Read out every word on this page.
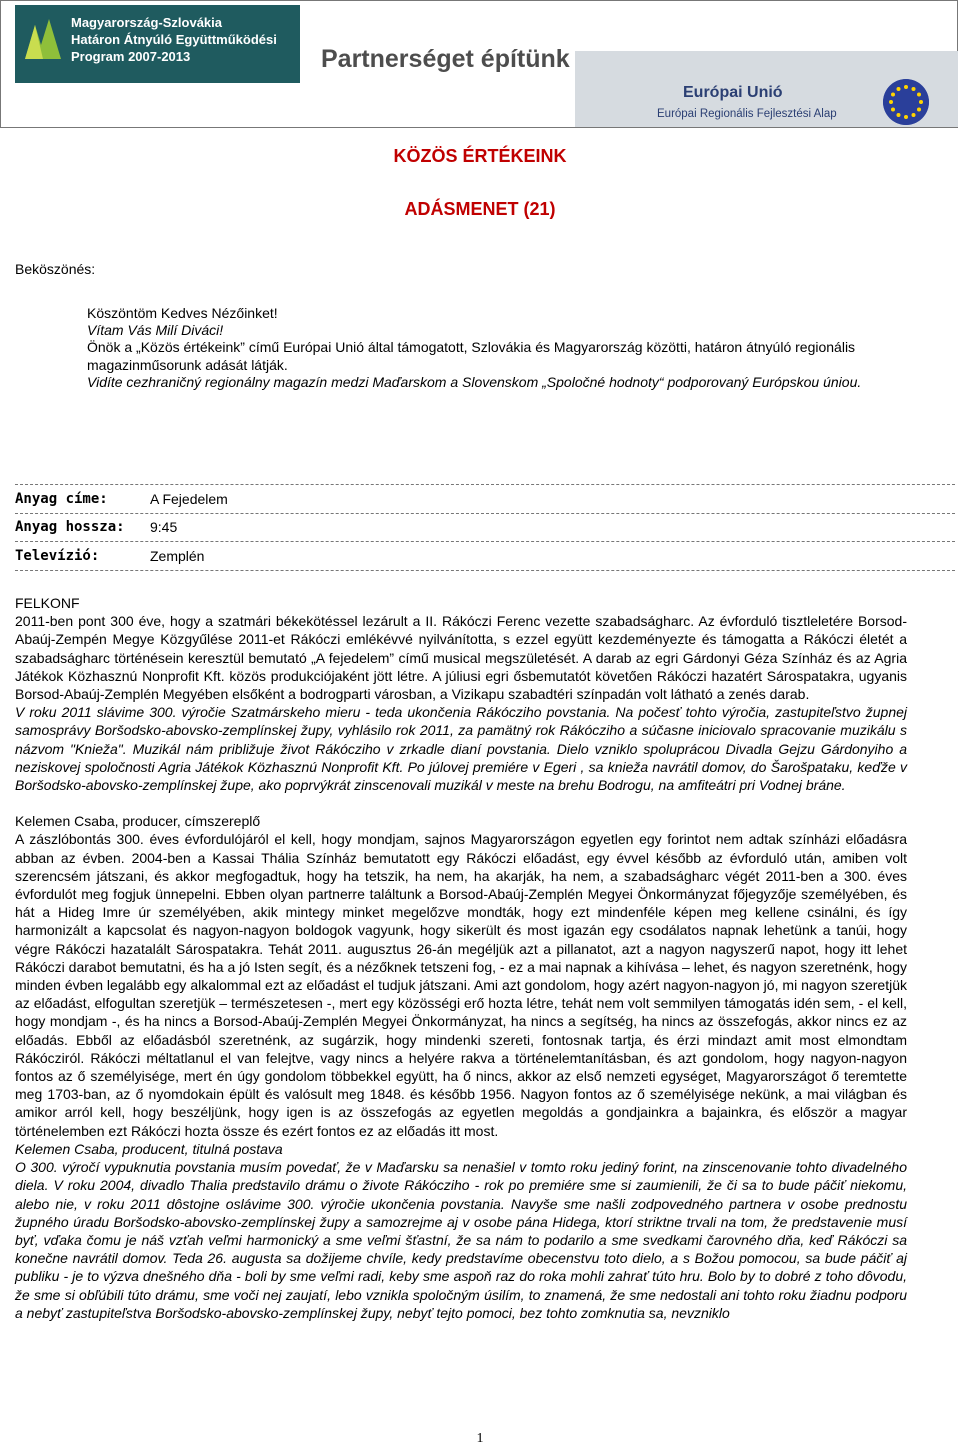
Magyarország-Szlovákia
Határon Átnyúló Együttműködési
Program 2007-2013	Partnerséget építünk
Európai Unió
Európai Regionális Fejlesztési Alap
KÖZÖS ÉRTÉKEINK
ADÁSMENET (21)
Beköszönés:

Köszöntöm Kedves Nézőinket!

Vítam Vás Milí Diváci!

Önök a „Közös értékeink” című Európai Unió által támogatott, Szlovákia és Magyarország közötti, határon átnyúló regionális magazinműsorunk adását látják.

Vidíte cezhraničný regionálny magazín medzi Maďarskom a Slovenskom „Spoločné hodnoty“ podporovaný Európskou úniou.

Anyag címe:	A Fejedelem
Anyag hossza: 9:45
Televízió:	Zemplén

FELKONF

2011-ben pont 300 éve, hogy a szatmári békekötéssel lezárult a II. Rákóczi Ferenc vezette szabadságharc. Az évforduló tisztleletére Borsod-Abaúj-Zempén Megye Közgyűlése 2011-et Rákóczi emlékévvé nyilvánította, s ezzel együtt kezdeményezte és támogatta a Rákóczi életét a szabadságharc történésein keresztül bemutató „A fejedelem” című musical megszületését. A darab az egri Gárdonyi Géza Színház és az Agria Játékok Közhasznú Nonprofit Kft. közös produkciójaként jött létre. A júliusi egri ősbemutatót követően Rákóczi hazatért Sárospatakra, ugyanis Borsod-Abaúj-Zemplén Megyében elsőként a bodrogparti városban, a Vizikapu szabadtéri színpadán volt látható a zenés darab.

V roku 2011 slávime 300. výročie Szatmárskeho mieru - teda ukončenia Rákócziho povstania. Na počesť tohto výročia, zastupiteľstvo župnej samosprávy Boršodsko-abovsko-zemplínskej župy, vyhlásilo rok 2011, za pamätný rok Rákócziho a súčasne iniciovalo spracovanie muzikálu s názvom "Knieža". Muzikál nám približuje život Rákócziho v zrkadle dianí povstania. Dielo vzniklo spoluprácou Divadla Gejzu Gárdonyiho a neziskovej spoločnosti Agria Játékok Közhasznú Nonprofit Kft. Po júlovej premiére v Egeri , sa knieža navrátil domov, do Šarošpataku, keďže v Boršodsko-abovsko-zemplínskej župe, ako poprvýkrát zinscenovali muzikál v meste na brehu Bodrogu, na amfiteátri pri Vodnej bráne.

Kelemen Csaba, producer, címszereplő

A zászlóbontás 300. éves évfordulójáról el kell, hogy mondjam, sajnos Magyarországon egyetlen egy forintot nem adtak színházi előadásra abban az évben. 2004-ben a Kassai Thália Színház bemutatott egy Rákóczi előadást, egy évvel később az évforduló után, amiben volt szerencsém játszani, és akkor megfogadtuk, hogy ha tetszik, ha nem, ha akarják, ha nem, a szabadságharc végét 2011-ben a 300. éves évfordulót meg fogjuk ünnepelni. Ebben olyan partnerre találtunk a Borsod-Abaúj-Zemplén Megyei Önkormányzat főjegyzője személyében, és hát a Hideg Imre úr személyében, akik mintegy minket megelőzve mondták, hogy ezt mindenféle képen meg kellene csinálni, és így harmonizált a kapcsolat és nagyon-nagyon boldogok vagyunk, hogy sikerült és most igazán egy csodálatos napnak lehetünk a tanúi, hogy végre Rákóczi hazatalált Sárospatakra. Tehát 2011. augusztus 26-án megéljük azt a pillanatot, azt a nagyon nagyszerű napot, hogy itt lehet Rákóczi darabot bemutatni, és ha a jó Isten segít, és a nézőknek tetszeni fog, - ez a mai napnak a kihívása – lehet, és nagyon szeretnénk, hogy minden évben legalább egy alkalommal ezt az előadást el tudjuk játszani. Ami azt gondolom, hogy azért nagyon-nagyon jó, mi nagyon szeretjük az előadást, elfogultan szeretjük – természetesen -, mert egy közösségi erő hozta létre, tehát nem volt semmilyen támogatás idén sem, - el kell, hogy mondjam -, és ha nincs a Borsod-Abaúj-Zemplén Megyei Önkormányzat, ha nincs a segítség, ha nincs az összefogás, akkor nincs ez az előadás. Ebből az előadásból szeretnénk, az sugárzik, hogy mindenki szereti, fontosnak tartja, és érzi mindazt amit most elmondtam Rákócziról. Rákóczi méltatlanul el van felejtve, vagy nincs a helyére rakva a történelemtanításban, és azt gondolom, hogy nagyon-nagyon fontos az ő személyisége, mert én úgy gondolom többekkel együtt, ha ő nincs, akkor az első nemzeti egységet, Magyarországot ő teremtette meg 1703-ban, az ő nyomdokain épült és valósult meg 1848. és később 1956. Nagyon fontos az ő személyisége nekünk, a mai világban és amikor arról kell, hogy beszéljünk, hogy igen is az összefogás az egyetlen megoldás a gondjainkra a bajainkra, és először a magyar történelemben ezt Rákóczi hozta össze és ezért fontos ez az előadás itt most.

Kelemen Csaba, producent, titulná postava

O 300. výročí vypuknutia povstania musím povedať, že v Maďarsku sa nenašiel v tomto roku jediný forint, na zinscenovanie tohto divadelného diela. V roku 2004, divadlo Thalia predstavilo drámu o živote Rákócziho - rok po premiére sme si zaumienili, že či sa to bude páčiť niekomu, alebo nie, v roku 2011 dôstojne oslávime 300. výročie ukončenia povstania. Navyše sme našli zodpovedného partnera v osobe prednostu župného úradu Boršodsko-abovsko-zemplínskej župy a samozrejme aj v osobe pána Hidega, ktorí striktne trvali na tom, že predstavenie musí byť, vďaka čomu je náš vzťah veľmi harmonický a sme veľmi šťastní, že sa nám to podarilo a sme svedkami čarovného dňa, keď Rákóczi sa konečne navrátil domov. Teda 26. augusta sa dožijeme chvíle, kedy predstavíme obecenstvu toto dielo, a s Božou pomocou, sa bude páčiť aj publiku - je to výzva dnešného dňa - boli by sme veľmi radi, keby sme aspoň raz do roka mohli zahrať túto hru. Bolo by to dobré z toho dôvodu, že sme si obľúbili túto drámu, sme voči nej zaujatí, lebo vznikla spoločným úsilím, to znamená, že sme nedostali ani tohto roku žiadnu podporu a nebyť zastupiteľstva Boršodsko-abovsko-zemplínskej župy, nebyť tejto pomoci, bez tohto zomknutia sa, nevzniklo

1
